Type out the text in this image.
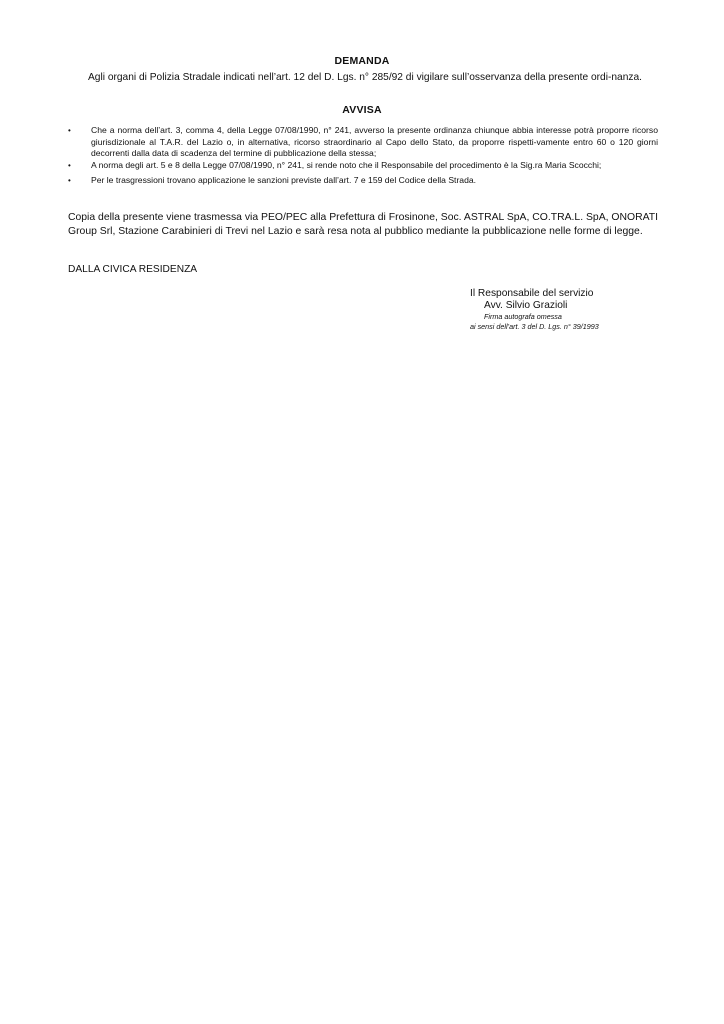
DEMANDA
Agli organi di Polizia Stradale indicati nell’art. 12 del D. Lgs. n° 285/92 di vigilare sull’osservanza della presente ordi-nanza.
AVVISA
•	Che a norma dell’art. 3, comma 4, della Legge 07/08/1990, n° 241, avverso la presente ordinanza chiunque abbia interesse potrà proporre ricorso giurisdizionale al T.A.R. del Lazio o, in alternativa, ricorso straordinario al Capo dello Stato, da proporre rispetti-vamente entro 60 o 120 giorni decorrenti dalla data di scadenza del termine di pubblicazione della stessa;
•	A norma degli art. 5 e 8 della Legge 07/08/1990, n° 241, si rende noto che il Responsabile del procedimento è la Sig.ra Maria Scocchi;
•	Per le trasgressioni trovano applicazione le sanzioni previste dall’art. 7 e 159 del Codice della Strada.
Copia della presente viene trasmessa via PEO/PEC alla Prefettura di Frosinone, Soc. ASTRAL SpA, CO.TRA.L. SpA, ONORATI Group Srl, Stazione Carabinieri di Trevi nel Lazio e sarà resa nota al pubblico mediante la pubblicazione nelle forme di legge.
DALLA CIVICA RESIDENZA
Il Responsabile del servizio
Avv. Silvio Grazioli
Firma autografa omessa
ai sensi dell’art. 3 del D. Lgs. n° 39/1993
